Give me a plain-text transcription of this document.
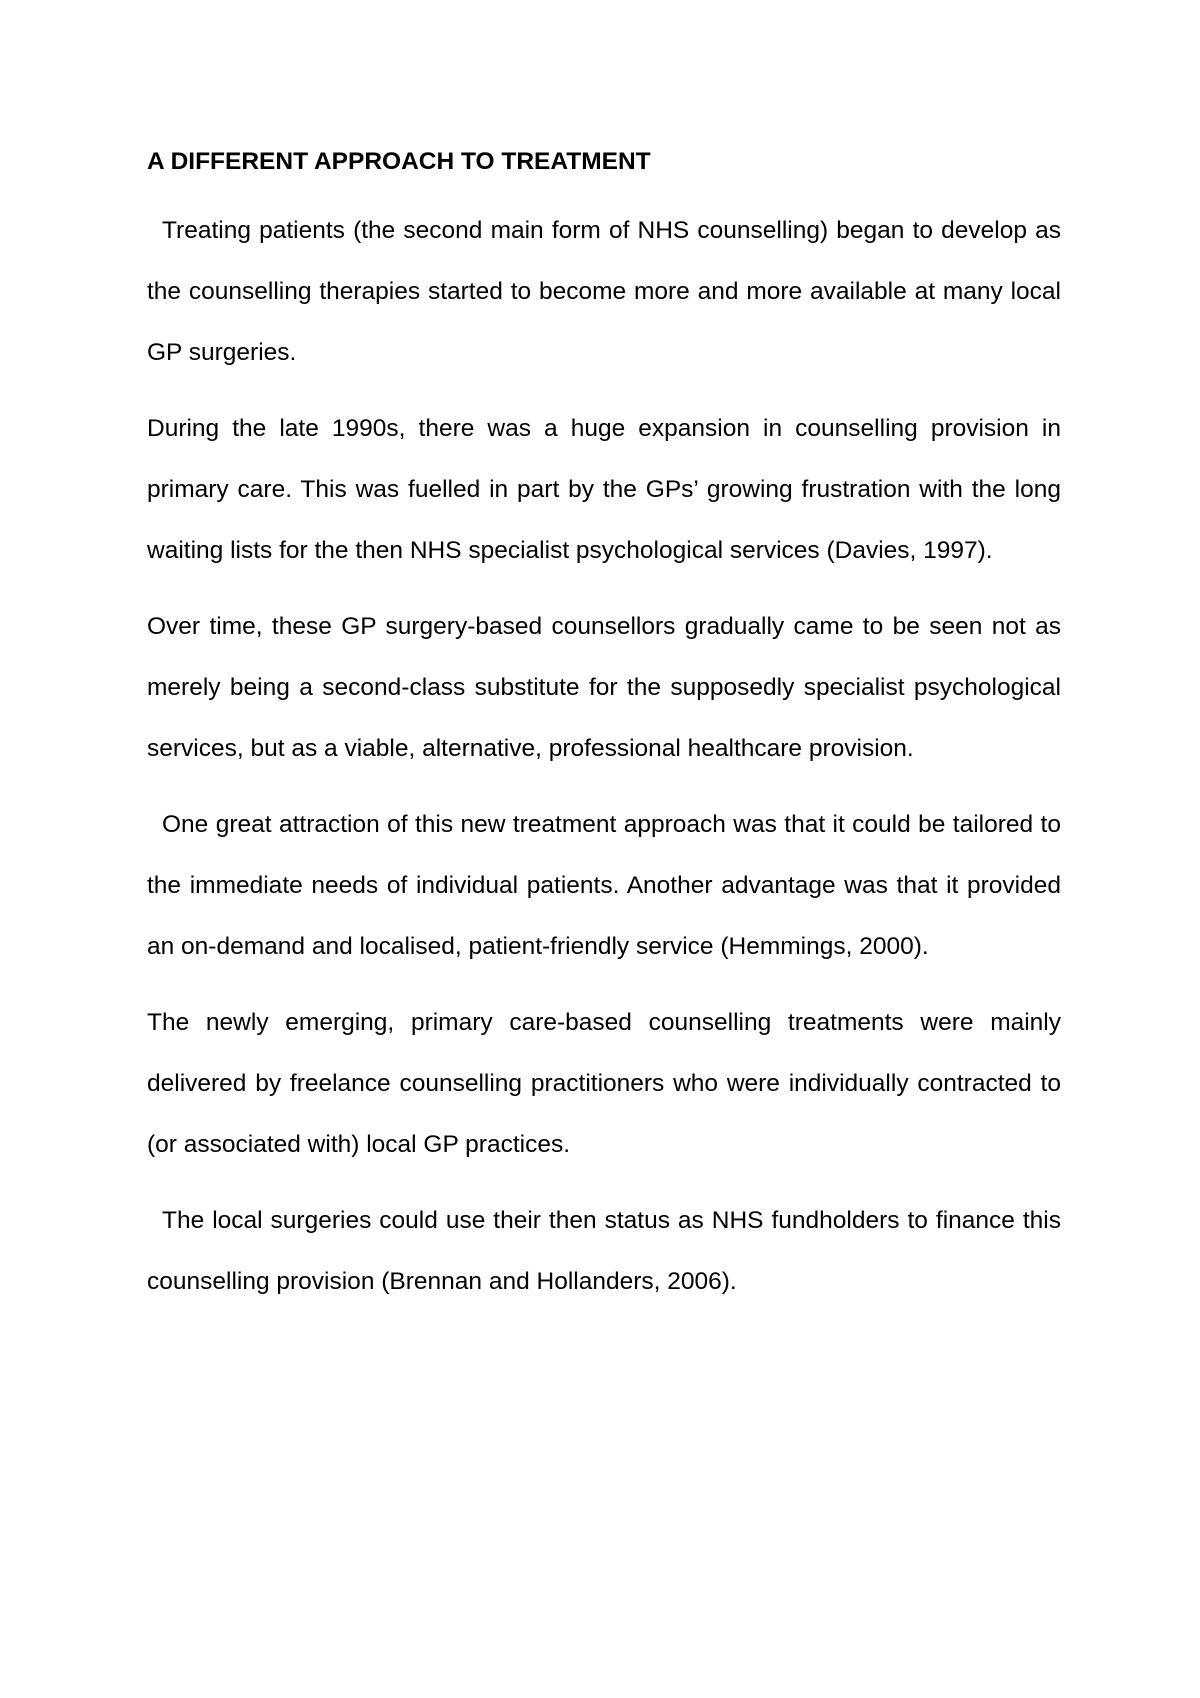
A DIFFERENT APPROACH TO TREATMENT

Treating patients (the second main form of NHS counselling) began to develop as the counselling therapies started to become more and more available at many local GP surgeries.

During the late 1990s, there was a huge expansion in counselling provision in primary care. This was fuelled in part by the GPs’ growing frustration with the long waiting lists for the then NHS specialist psychological services (Davies, 1997).

Over time, these GP surgery-based counsellors gradually came to be seen not as merely being a second-class substitute for the supposedly specialist psychological services, but as a viable, alternative, professional healthcare provision.

One great attraction of this new treatment approach was that it could be tailored to the immediate needs of individual patients. Another advantage was that it provided an on-demand and localised, patient-friendly service (Hemmings, 2000).

The newly emerging, primary care-based counselling treatments were mainly delivered by freelance counselling practitioners who were individually contracted to (or associated with) local GP practices.

The local surgeries could use their then status as NHS fundholders to finance this counselling provision (Brennan and Hollanders, 2006).
